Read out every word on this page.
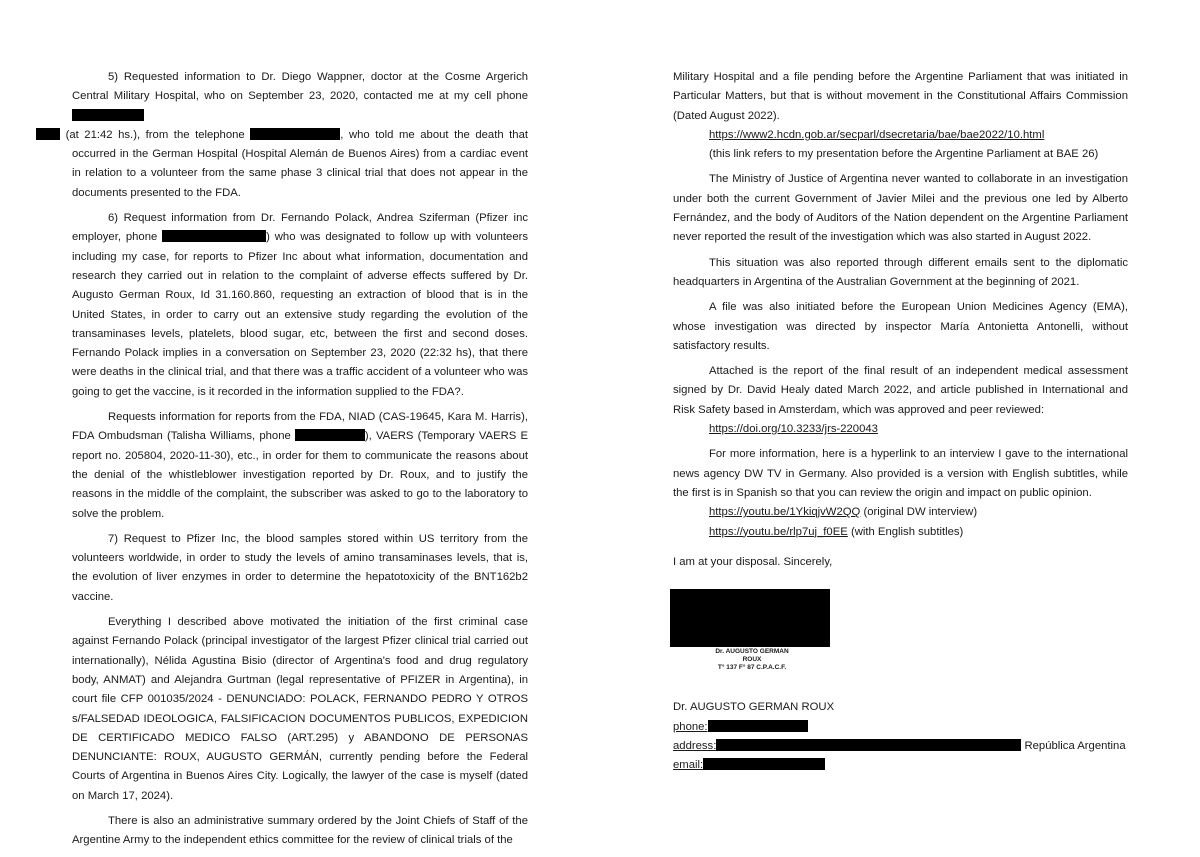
5) Requested information to Dr. Diego Wappner, doctor at the Cosme Argerich Central Military Hospital, who on September 23, 2020, contacted me at my cell phone
(at 21:42 hs.), from the telephone	, who told me about the death that occurred in the German Hospital (Hospital Alemán de Buenos Aires) from a cardiac event in relation to a volunteer from the same phase 3 clinical trial that does not appear in the documents presented to the FDA.

6) Request information from Dr. Fernando Polack, Andrea Sziferman (Pfizer inc employer, phone	) who was designated to follow up with volunteers including my case, for reports to Pfizer Inc about what information, documentation and research they carried out in relation to the complaint of adverse effects suffered by Dr. Augusto German Roux, Id 31.160.860, requesting an extraction of blood that is in the United States, in order to carry out an extensive study regarding the evolution of the transaminases levels, platelets, blood sugar, etc, between the first and second doses. Fernando Polack implies in a conversation on September 23, 2020 (22:32 hs), that there were deaths in the clinical trial, and that there was a traffic accident of a volunteer who was going to get the vaccine, is it recorded in the information supplied to the FDA?.

Requests information for reports from the FDA, NIAD (CAS-19645, Kara M. Harris), FDA Ombudsman (Talisha Williams, phone	), VAERS (Temporary VAERS E report no. 205804, 2020-11-30), etc., in order for them to communicate the reasons about the denial of the whistleblower investigation reported by Dr. Roux, and to justify the reasons in the middle of the complaint, the subscriber was asked to go to the laboratory to solve the problem.

7) Request to Pfizer Inc, the blood samples stored within US territory from the volunteers worldwide, in order to study the levels of amino transaminases levels, that is, the evolution of liver enzymes in order to determine the hepatotoxicity of the BNT162b2 vaccine.

Everything I described above motivated the initiation of the first criminal case against Fernando Polack (principal investigator of the largest Pfizer clinical trial carried out internationally), Nélida Agustina Bisio (director of Argentina's food and drug regulatory body, ANMAT) and Alejandra Gurtman (legal representative of PFIZER in Argentina), in court file CFP 001035/2024 - DENUNCIADO: POLACK, FERNANDO PEDRO Y OTROS s/FALSEDAD IDEOLOGICA, FALSIFICACION DOCUMENTOS PUBLICOS, EXPEDICION DE CERTIFICADO MEDICO FALSO (ART.295) y ABANDONO DE PERSONAS DENUNCIANTE: ROUX, AUGUSTO GERMÁN, currently pending before the Federal Courts of Argentina in Buenos Aires City. Logically, the lawyer of the case is myself (dated on March 17, 2024).

There is also an administrative summary ordered by the Joint Chiefs of Staff of the Argentine Army to the independent ethics committee for the review of clinical trials of the

Military Hospital and a file pending before the Argentine Parliament that was initiated in Particular Matters, but that is without movement in the Constitutional Affairs Commission (Dated August 2022).

https://www2.hcdn.gob.ar/secparl/dsecretaria/bae/bae2022/10.html
(this link refers to my presentation before the Argentine Parliament at BAE 26)

The Ministry of Justice of Argentina never wanted to collaborate in an investigation under both the current Government of Javier Milei and the previous one led by Alberto Fernández, and the body of Auditors of the Nation dependent on the Argentine Parliament never reported the result of the investigation which was also started in August 2022.

This situation was also reported through different emails sent to the diplomatic headquarters in Argentina of the Australian Government at the beginning of 2021.

A file was also initiated before the European Union Medicines Agency (EMA), whose investigation was directed by inspector María Antonietta Antonelli, without satisfactory results.

Attached is the report of the final result of an independent medical assessment signed by Dr. David Healy dated March 2022, and article published in International and Risk Safety based in Amsterdam, which was approved and peer reviewed:

https://doi.org/10.3233/jrs-220043

For more information, here is a hyperlink to an interview I gave to the international news agency DW TV in Germany. Also provided is a version with English subtitles, while the first is in Spanish so that you can review the origin and impact on public opinion.

https://youtu.be/1YkiqjvW2QQ (original DW interview)
https://youtu.be/rlp7uj_f0EE (with English subtitles)
I am at your disposal. Sincerely,
Dr. AUGUSTO GERMAN ROUX
T° 137 F° 87 C.P.A.C.F.
Dr. AUGUSTO GERMAN ROUX
phone:
address:	República Argentina
email:
